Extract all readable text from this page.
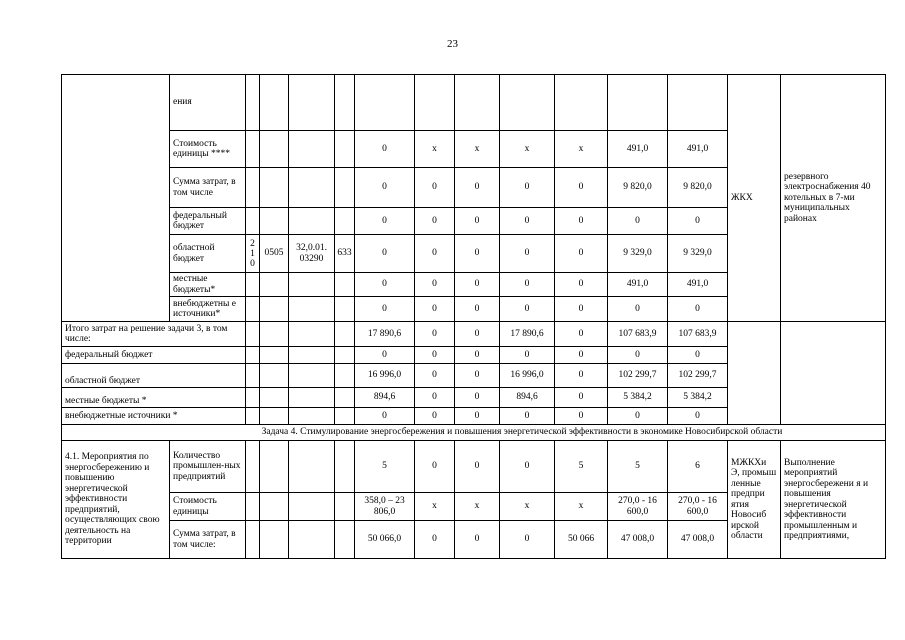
23
	ения												ЖКХ	резервного электроснабжения 40 котельных в 7-ми муниципальных районах
	Стоимость единицы ****					0	x	x	x	x	491,0	491,0		
	Сумма затрат, в том числе					0	0	0	0	0	9 820,0	9 820,0		
	федеральный бюджет					0	0	0	0	0	0	0		
	областной бюджет	2 1 0	0505	32,0.01. 03290	633	0	0	0	0	0	9 329,0	9 329,0		
	местные бюджеты*					0	0	0	0	0	491,0	491,0		
	внебюджетны е источники*					0	0	0	0	0	0	0		
Итого затрат на решение задачи 3, в том числе:						17 890,6	0	0	17 890,6	0	107 683,9	107 683,9		
федеральный бюджет						0	0	0	0	0	0	0		
областной бюджет						16 996,0	0	0	16 996,0	0	102 299,7	102 299,7		
местные бюджеты *						894,6	0	0	894,6	0	5 384,2	5 384,2		
внебюджетные источники *						0	0	0	0	0	0	0		
Задача 4. Стимулирование энергосбережения и повышения энергетической эффективности в экономике Новосибирской области														
4.1. Мероприятия по энергосбережению и повышению энергетической эффективности предприятий, осуществляющих свою деятельность на территории	Количество промышлен-ных предприятий					5	0	0	0	5	5	6	МЖКХи Э, промыш ленные предпри ятия Новосиб ирской области	Выполнение мероприятий энергосбережени я и повышения энергетической эффективности промышленным и предприятиями,
	Стоимость единицы					358,0 – 23 806,0	x	x	x	x	270,0 - 16 600,0	270,0 - 16 600,0		
	Сумма затрат, в том числе:					50 066,0	0	0	0	50 066	47 008,0	47 008,0		
